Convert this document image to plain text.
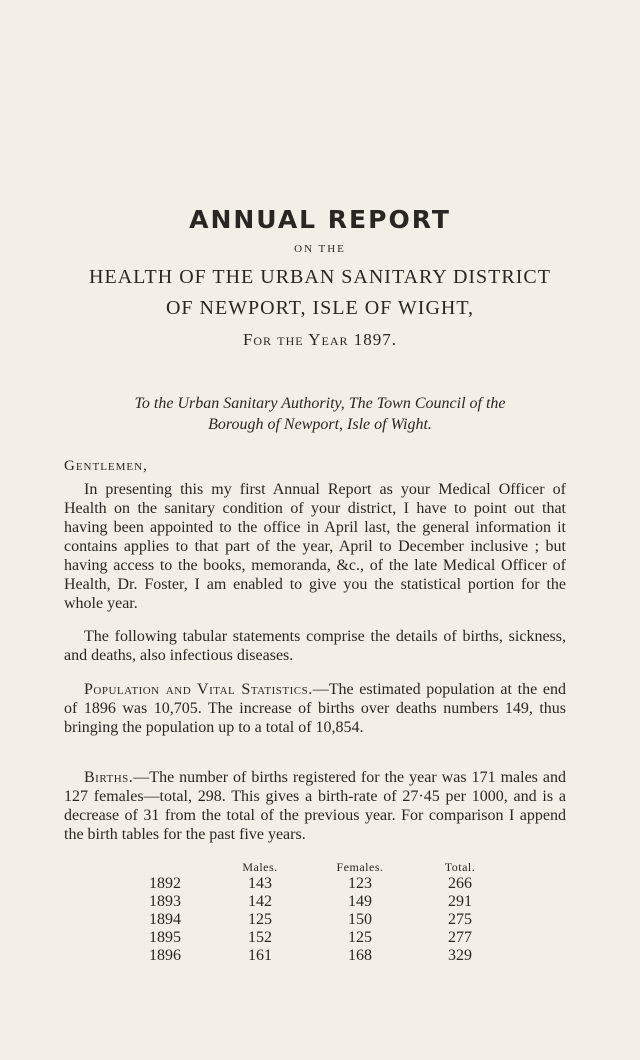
ANNUAL REPORT
ON THE
HEALTH OF THE URBAN SANITARY DISTRICT
OF NEWPORT, ISLE OF WIGHT,
For the Year 1897.
To the Urban Sanitary Authority, The Town Council of the
Borough of Newport, Isle of Wight.
Gentlemen,
In presenting this my first Annual Report as your Medical Officer of Health on the sanitary condition of your district, I have to point out that having been appointed to the office in April last, the general information it contains applies to that part of the year, April to December inclusive ; but having access to the books, memoranda, &c., of the late Medical Officer of Health, Dr. Foster, I am enabled to give you the statistical portion for the whole year.
The following tabular statements comprise the details of births, sickness, and deaths, also infectious diseases.
Population and Vital Statistics.—The estimated population at the end of 1896 was 10,705. The increase of births over deaths numbers 149, thus bringing the population up to a total of 10,854.
Births.—The number of births registered for the year was 171 males and 127 females—total, 298. This gives a birth-rate of 27·45 per 1000, and is a decrease of 31 from the total of the previous year. For comparison I append the birth tables for the past five years.
	Males.	Females.	Total.
1892	143	123	266
1893	142	149	291
1894	125	150	275
1895	152	125	277
1896	161	168	329
